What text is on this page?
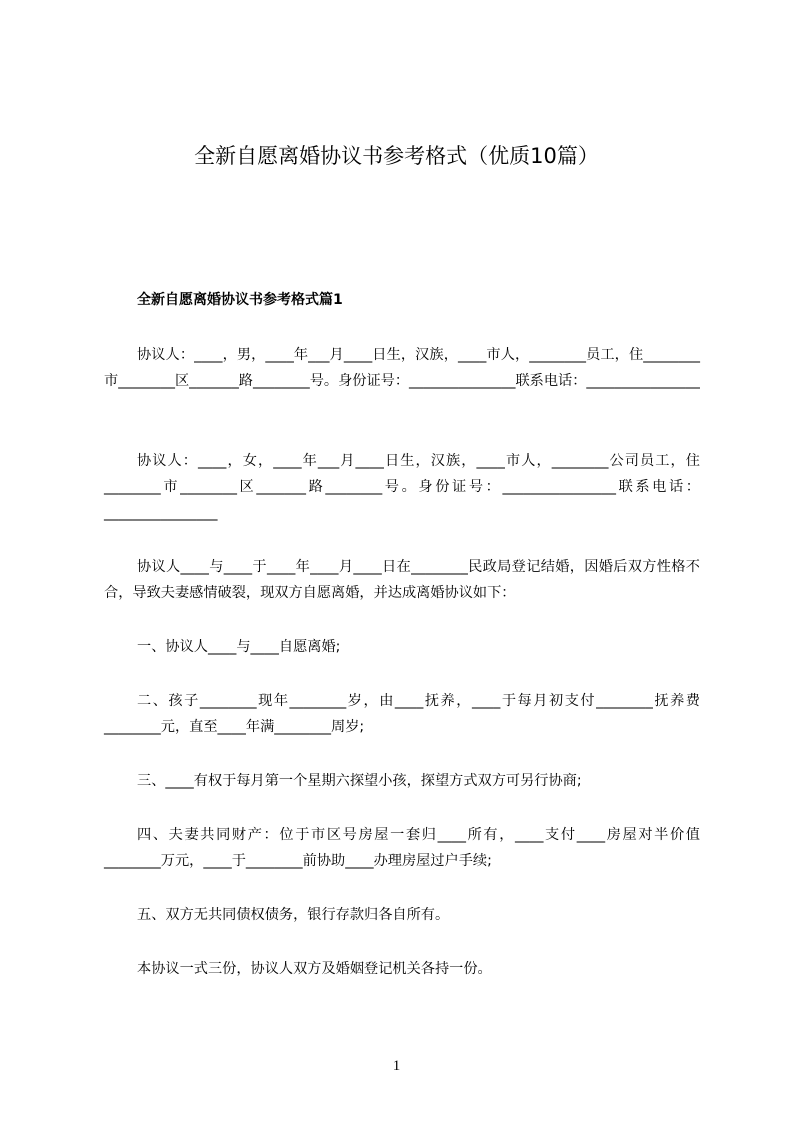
全新自愿离婚协议书参考格式（优质10篇）
全新自愿离婚协议书参考格式篇1
协议人：____，男，____年___月____日生，汉族，____市人，________员工，住________市________区_______路________号。身份证号：_______________联系电话：________________
协议人：____，女，____年___月____日生，汉族，____市人，________公司员工，住________市________区_______路________号。身份证号：________________联系电话：________________
协议人____与____于____年____月____日在________民政局登记结婚，因婚后双方性格不合，导致夫妻感情破裂，现双方自愿离婚，并达成离婚协议如下：
一、协议人____与____自愿离婚;
二、孩子________现年________岁，由____抚养，____于每月初支付________抚养费________元，直至____年满________周岁;
三、____有权于每月第一个星期六探望小孩，探望方式双方可另行协商;
四、夫妻共同财产：位于市区号房屋一套归____所有，____支付____房屋对半价值________万元，____于________前协助____办理房屋过户手续;
五、双方无共同债权债务，银行存款归各自所有。
本协议一式三份，协议人双方及婚姻登记机关各持一份。
1
